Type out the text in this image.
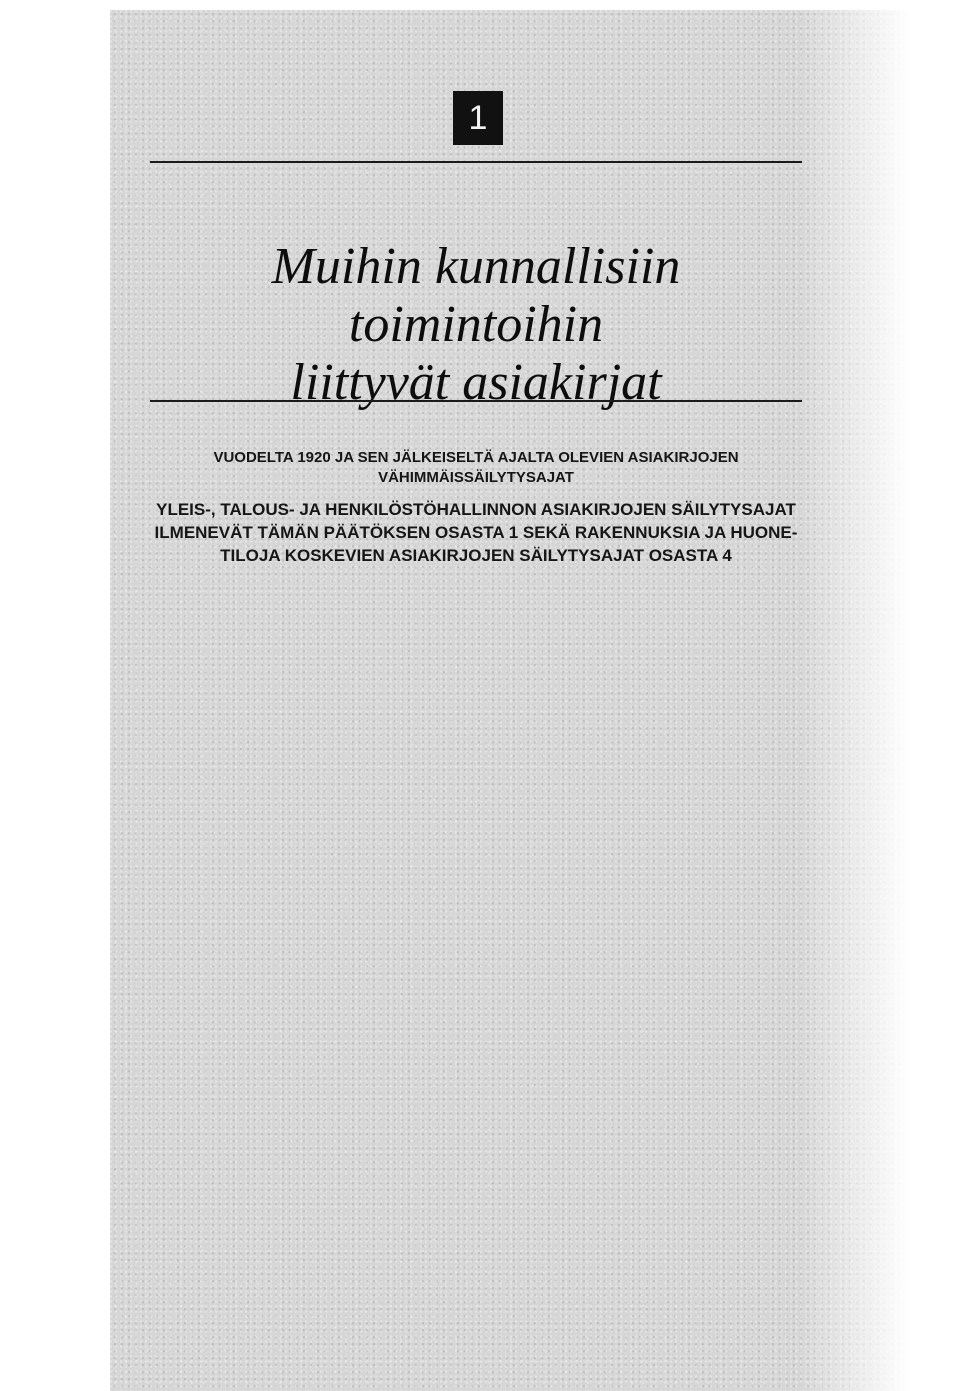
1
Muihin kunnallisiin toimintoihin
liittyvät asiakirjat
VUODELTA 1920 JA SEN JÄLKEISELTÄ AJALTA OLEVIEN ASIAKIRJOJEN
VÄHIMMÄISSÄILYTYSAJAT
YLEIS-, TALOUS- JA HENKILÖSTÖHALLINNON ASIAKIRJOJEN SÄILYTYSAJAT
ILMENEVÄT TÄMÄN PÄÄTÖKSEN OSASTA 1 SEKÄ RAKENNUKSIA JA HUONE-
TILOJA KOSKEVIEN ASIAKIRJOJEN SÄILYTYSAJAT OSASTA 4
